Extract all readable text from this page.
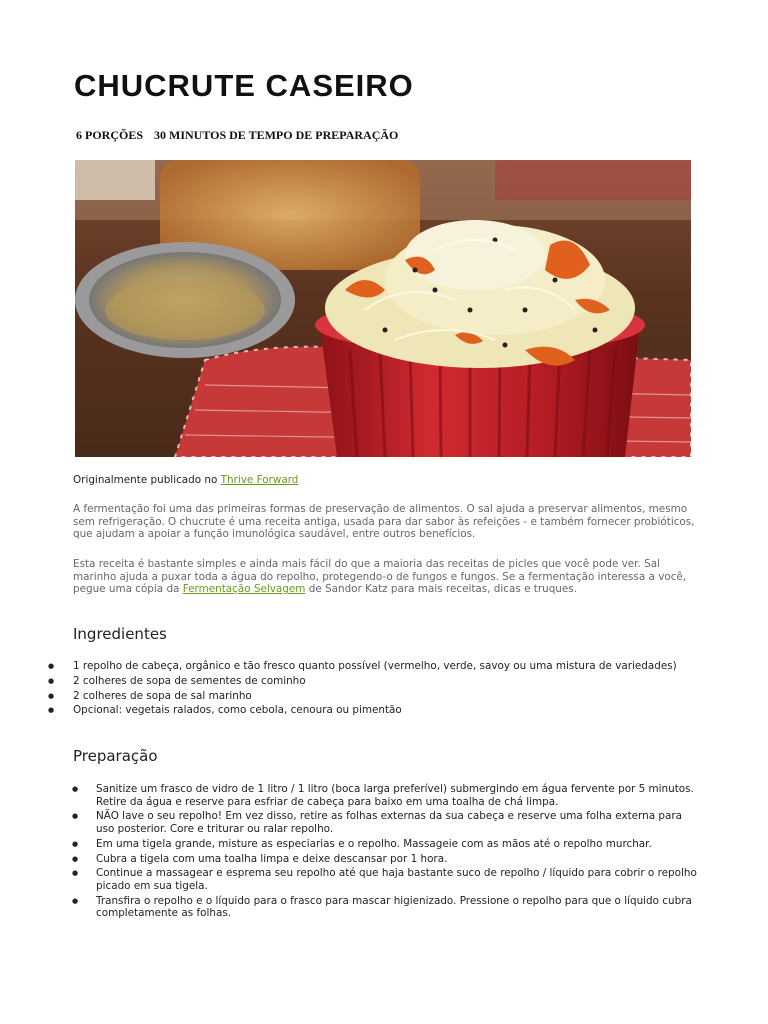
CHUCRUTE CASEIRO
6 PORÇÕES 30 MINUTOS DE TEMPO DE PREPARAÇÃO
Originalmente publicado no Thrive Forward

A fermentação foi uma das primeiras formas de preservação de alimentos. O sal ajuda a preservar alimentos, mesmo sem refrigeração. O chucrute é uma receita antiga, usada para dar sabor às refeições - e também fornecer probióticos, que ajudam a apoiar a função imunológica saudável, entre outros benefícios.

Esta receita é bastante simples e ainda mais fácil do que a maioria das receitas de picles que você pode ver. Sal marinho ajuda a puxar toda a água do repolho, protegendo-o de fungos e fungos. Se a fermentação interessa a você, pegue uma cópia da Fermentação Selvagem de Sandor Katz para mais receitas, dicas e truques.

Ingredientes
● 1 repolho de cabeça, orgânico e tão fresco quanto possível (vermelho, verde, savoy ou uma mistura de variedades)
● 2 colheres de sopa de sementes de cominho
● 2 colheres de sopa de sal marinho
● Opcional: vegetais ralados, como cebola, cenoura ou pimentão
Preparação
● Sanitize um frasco de vidro de 1 litro / 1 litro (boca larga preferível) submergindo em água fervente por 5 minutos. Retire da água e reserve para esfriar de cabeça para baixo em uma toalha de chá limpa.
● NÃO lave o seu repolho! Em vez disso, retire as folhas externas da sua cabeça e reserve uma folha externa para uso posterior. Core e triturar ou ralar repolho.
● Em uma tigela grande, misture as especiarias e o repolho. Massageie com as mãos até o repolho murchar.
● Cubra a tigela com uma toalha limpa e deixe descansar por 1 hora.
● Continue a massagear e esprema seu repolho até que haja bastante suco de repolho / líquido para cobrir o repolho picado em sua tigela.
● Transfira o repolho e o líquido para o frasco para mascar higienizado. Pressione o repolho para que o líquido cubra completamente as folhas.
